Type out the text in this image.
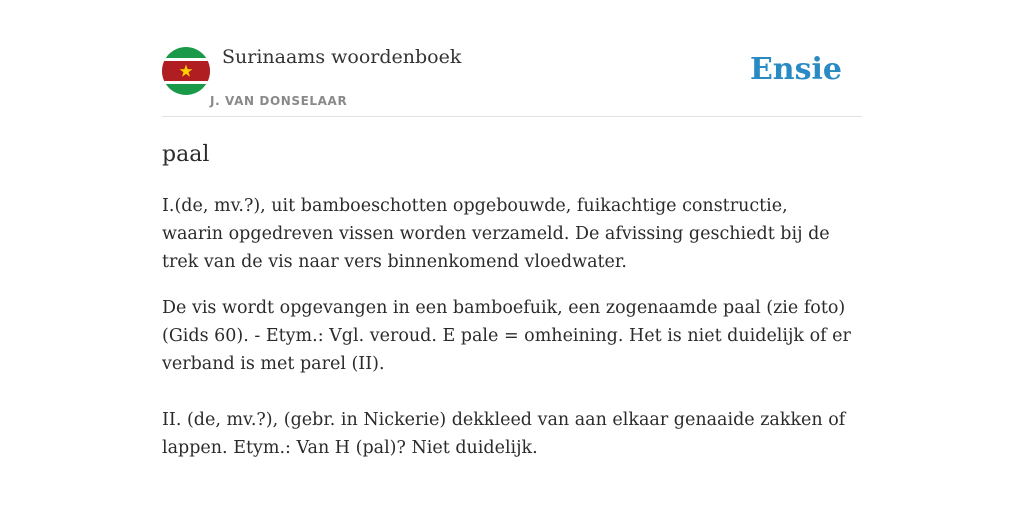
Surinaams woordenboek
J. VAN DONSELAAR
Ensie
paal

I.(de, mv.?), uit bamboeschotten opgebouwde, fuikachtige constructie, waarin opgedreven vissen worden verzameld. De afvissing geschiedt bij de trek van de vis naar vers binnenkomend vloedwater.

De vis wordt opgevangen in een bamboefuik, een zogenaamde paal (zie foto) (Gids 60). - Etym.: Vgl. veroud. E pale = omheining. Het is niet duidelijk of er verband is met parel (II).

II. (de, mv.?), (gebr. in Nickerie) dekkleed van aan elkaar genaaide zakken of lappen. Etym.: Van H (pal)? Niet duidelijk.
